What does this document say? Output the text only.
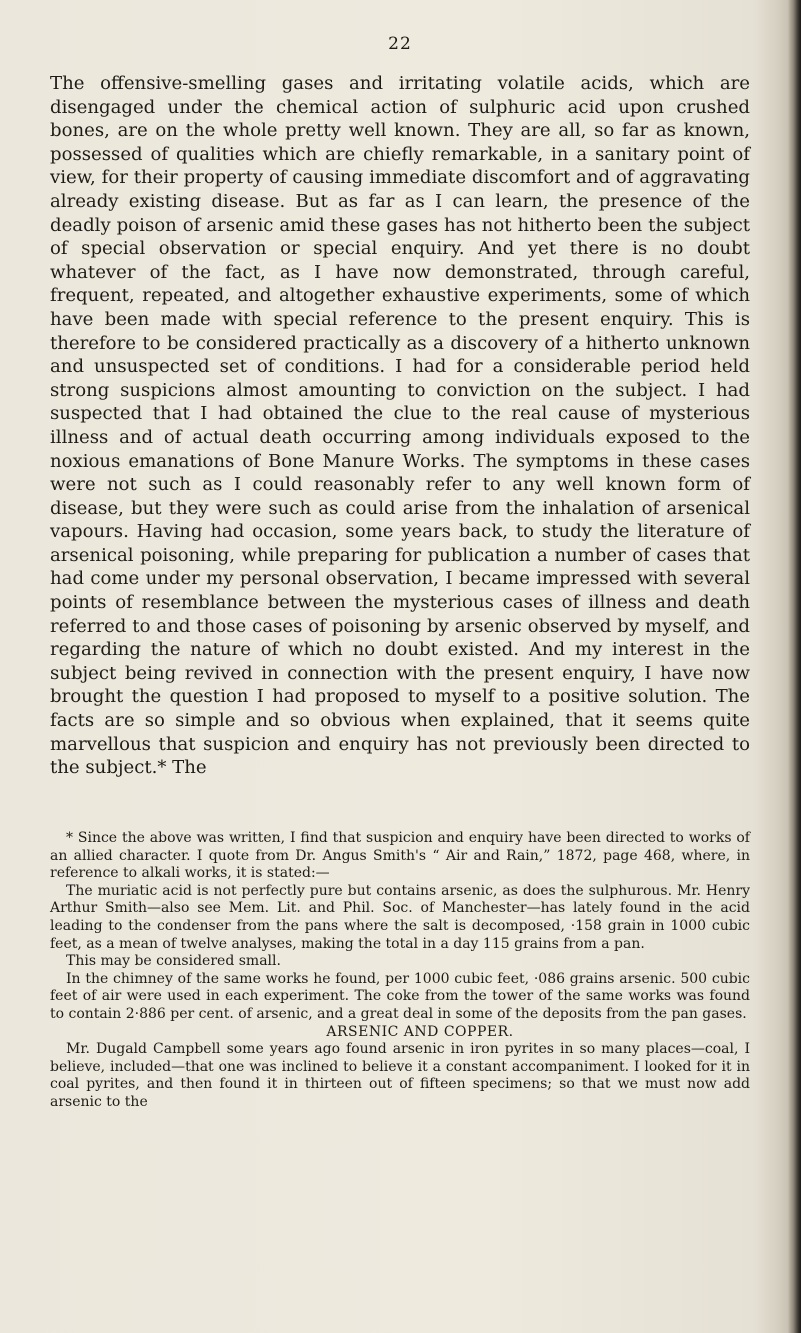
22

The offensive-smelling gases and irritating volatile acids, which are disengaged under the chemical action of sulphuric acid upon crushed bones, are on the whole pretty well known. They are all, so far as known, possessed of qualities which are chiefly remarkable, in a sanitary point of view, for their property of causing immediate discomfort and of aggravating already existing disease. But as far as I can learn, the presence of the deadly poison of arsenic amid these gases has not hitherto been the subject of special observation or special enquiry. And yet there is no doubt whatever of the fact, as I have now demonstrated, through careful, frequent, repeated, and altogether exhaustive experiments, some of which have been made with special reference to the present enquiry. This is therefore to be considered practically as a discovery of a hitherto unknown and unsuspected set of conditions. I had for a considerable period held strong suspicions almost amounting to conviction on the subject. I had suspected that I had obtained the clue to the real cause of mysterious illness and of actual death occurring among individuals exposed to the noxious emanations of Bone Manure Works. The symptoms in these cases were not such as I could reasonably refer to any well known form of disease, but they were such as could arise from the inhalation of arsenical vapours. Having had occasion, some years back, to study the literature of arsenical poisoning, while preparing for publication a number of cases that had come under my personal observation, I became impressed with several points of resemblance between the mysterious cases of illness and death referred to and those cases of poisoning by arsenic observed by myself, and regarding the nature of which no doubt existed. And my interest in the subject being revived in connection with the present enquiry, I have now brought the question I had proposed to myself to a positive solution. The facts are so simple and so obvious when explained, that it seems quite marvellous that suspicion and enquiry has not previously been directed to the subject.* The

* Since the above was written, I find that suspicion and enquiry have been directed to works of an allied character. I quote from Dr. Angus Smith's “ Air and Rain,” 1872, page 468, where, in reference to alkali works, it is stated:—

The muriatic acid is not perfectly pure but contains arsenic, as does the sulphurous. Mr. Henry Arthur Smith—also see Mem. Lit. and Phil. Soc. of Manchester—has lately found in the acid leading to the condenser from the pans where the salt is decomposed, ·158 grain in 1000 cubic feet, as a mean of twelve analyses, making the total in a day 115 grains from a pan.

This may be considered small.

In the chimney of the same works he found, per 1000 cubic feet, ·086 grains arsenic. 500 cubic feet of air were used in each experiment. The coke from the tower of the same works was found to contain 2·886 per cent. of arsenic, and a great deal in some of the deposits from the pan gases.

ARSENIC AND COPPER.

Mr. Dugald Campbell some years ago found arsenic in iron pyrites in so many places—coal, I believe, included—that one was inclined to believe it a constant accompaniment. I looked for it in coal pyrites, and then found it in thirteen out of fifteen specimens; so that we must now add arsenic to the
